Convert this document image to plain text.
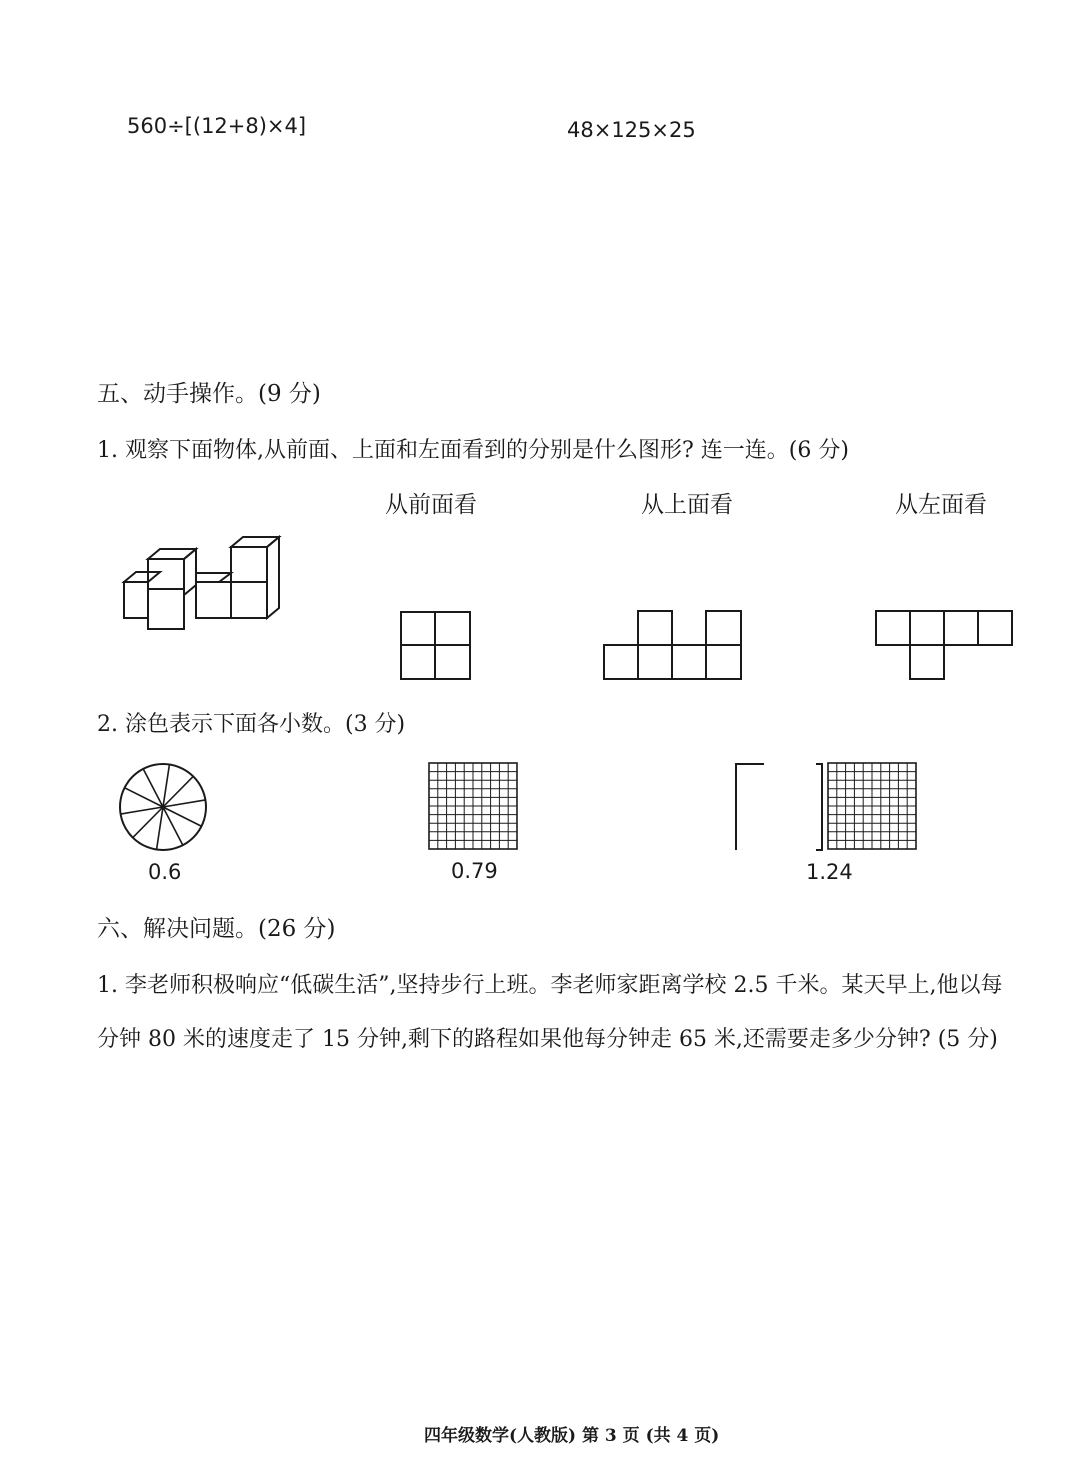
560÷[(12+8)×4]	48×125×25
五、动手操作。(9 分)
1. 观察下面物体,从前面、上面和左面看到的分别是什么图形? 连一连。(6 分)
从前面看	从上面看	从左面看
2. 涂色表示下面各小数。(3 分)
0.6	0.79	1.24
六、解决问题。(26 分)
1. 李老师积极响应“低碳生活”,坚持步行上班。李老师家距离学校 2.5 千米。某天早上,他以每
分钟 80 米的速度走了 15 分钟,剩下的路程如果他每分钟走 65 米,还需要走多少分钟? (5 分)
四年级数学(人教版) 第 3 页 (共 4 页)
